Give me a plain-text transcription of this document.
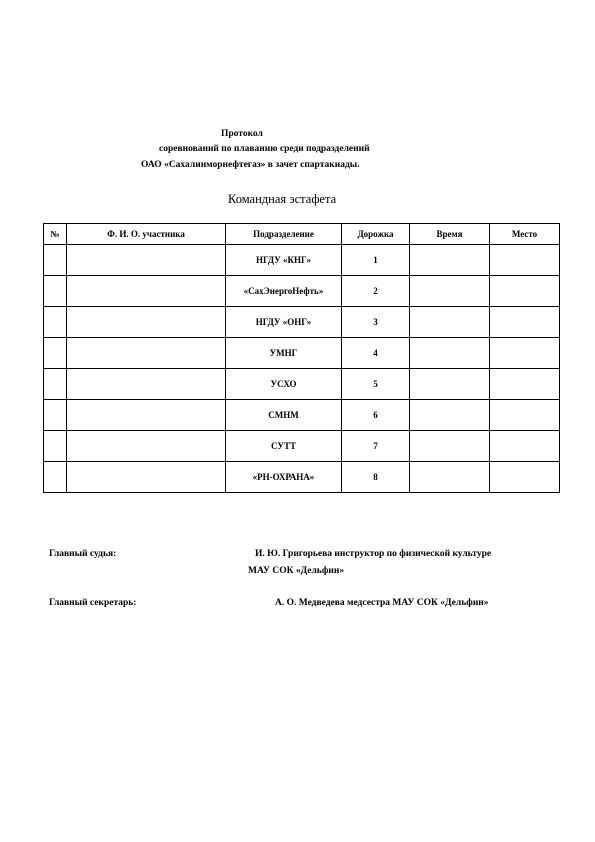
Протокол
соревнований по плаванию среди подразделений
ОАО «Сахалинморнефтегаз» в зачет спартакиады.
Командная эстафета
№	Ф. И. О. участника	Подразделение	Дорожка	Время	Место
		НГДУ «КНГ»	1		
		«СахЭнергоНефть»	2		
		НГДУ «ОНГ»	3		
		УМНГ	4		
		УСХО	5		
		СМНМ	6		
		СУТТ	7		
		«РН-ОХРАНА»	8		
Главный судья:	И. Ю. Григорьева инструктор по физической культуре
МАУ СОК «Дельфин»
Главный секретарь:	А. О. Медведева медсестра МАУ СОК «Дельфин»
